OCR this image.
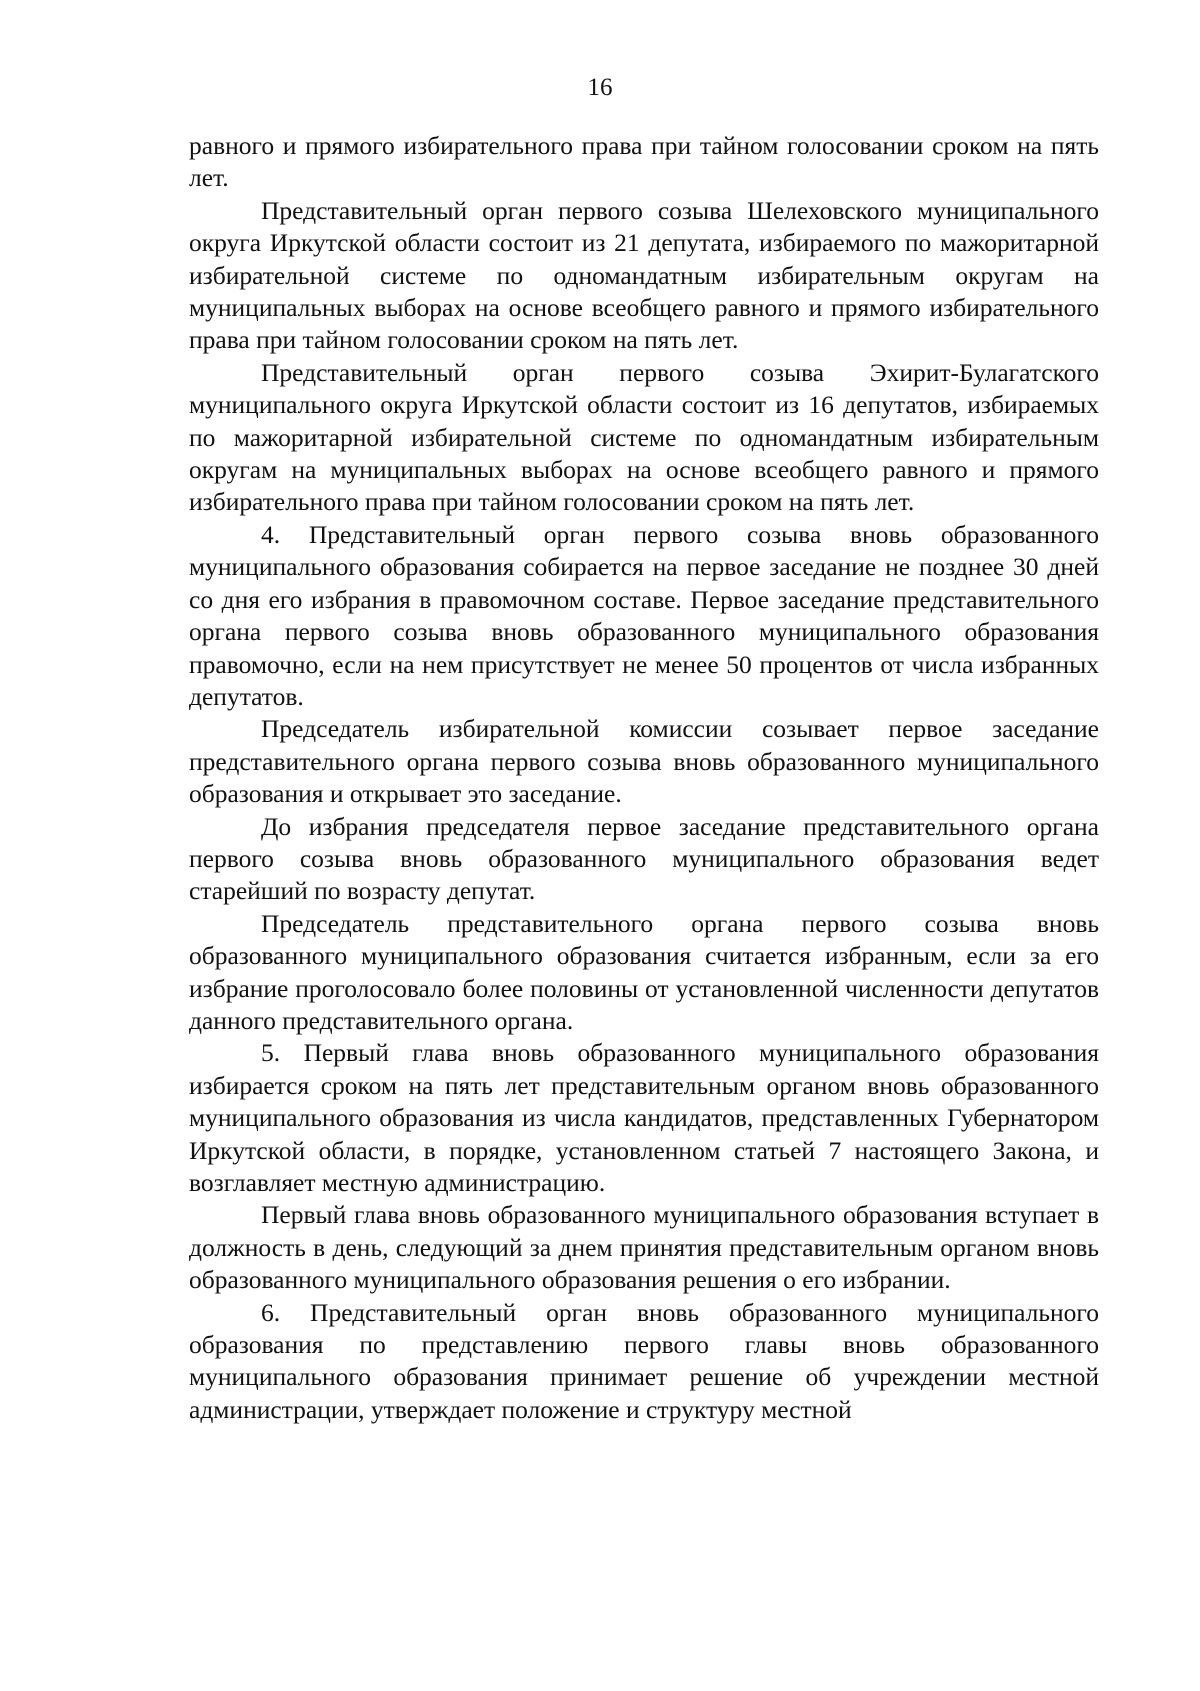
16

равного и прямого избирательного права при тайном голосовании сроком на пять лет.

Представительный орган первого созыва Шелеховского муниципального округа Иркутской области состоит из 21 депутата, избираемого по мажоритарной избирательной системе по одномандатным избирательным округам на муниципальных выборах на основе всеобщего равного и прямого избирательного права при тайном голосовании сроком на пять лет.

Представительный орган первого созыва Эхирит-Булагатского муниципального округа Иркутской области состоит из 16 депутатов, избираемых по мажоритарной избирательной системе по одномандатным избирательным округам на муниципальных выборах на основе всеобщего равного и прямого избирательного права при тайном голосовании сроком на пять лет.

4. Представительный орган первого созыва вновь образованного муниципального образования собирается на первое заседание не позднее 30 дней со дня его избрания в правомочном составе. Первое заседание представительного органа первого созыва вновь образованного муниципального образования правомочно, если на нем присутствует не менее 50 процентов от числа избранных депутатов.

Председатель избирательной комиссии созывает первое заседание представительного органа первого созыва вновь образованного муниципального образования и открывает это заседание.

До избрания председателя первое заседание представительного органа первого созыва вновь образованного муниципального образования ведет старейший по возрасту депутат.

Председатель представительного органа первого созыва вновь образованного муниципального образования считается избранным, если за его избрание проголосовало более половины от установленной численности депутатов данного представительного органа.

5. Первый глава вновь образованного муниципального образования избирается сроком на пять лет представительным органом вновь образованного муниципального образования из числа кандидатов, представленных Губернатором Иркутской области, в порядке, установленном статьей 7 настоящего Закона, и возглавляет местную администрацию.

Первый глава вновь образованного муниципального образования вступает в должность в день, следующий за днем принятия представительным органом вновь образованного муниципального образования решения о его избрании.

6. Представительный орган вновь образованного муниципального образования по представлению первого главы вновь образованного муниципального образования принимает решение об учреждении местной администрации, утверждает положение и структуру местной
